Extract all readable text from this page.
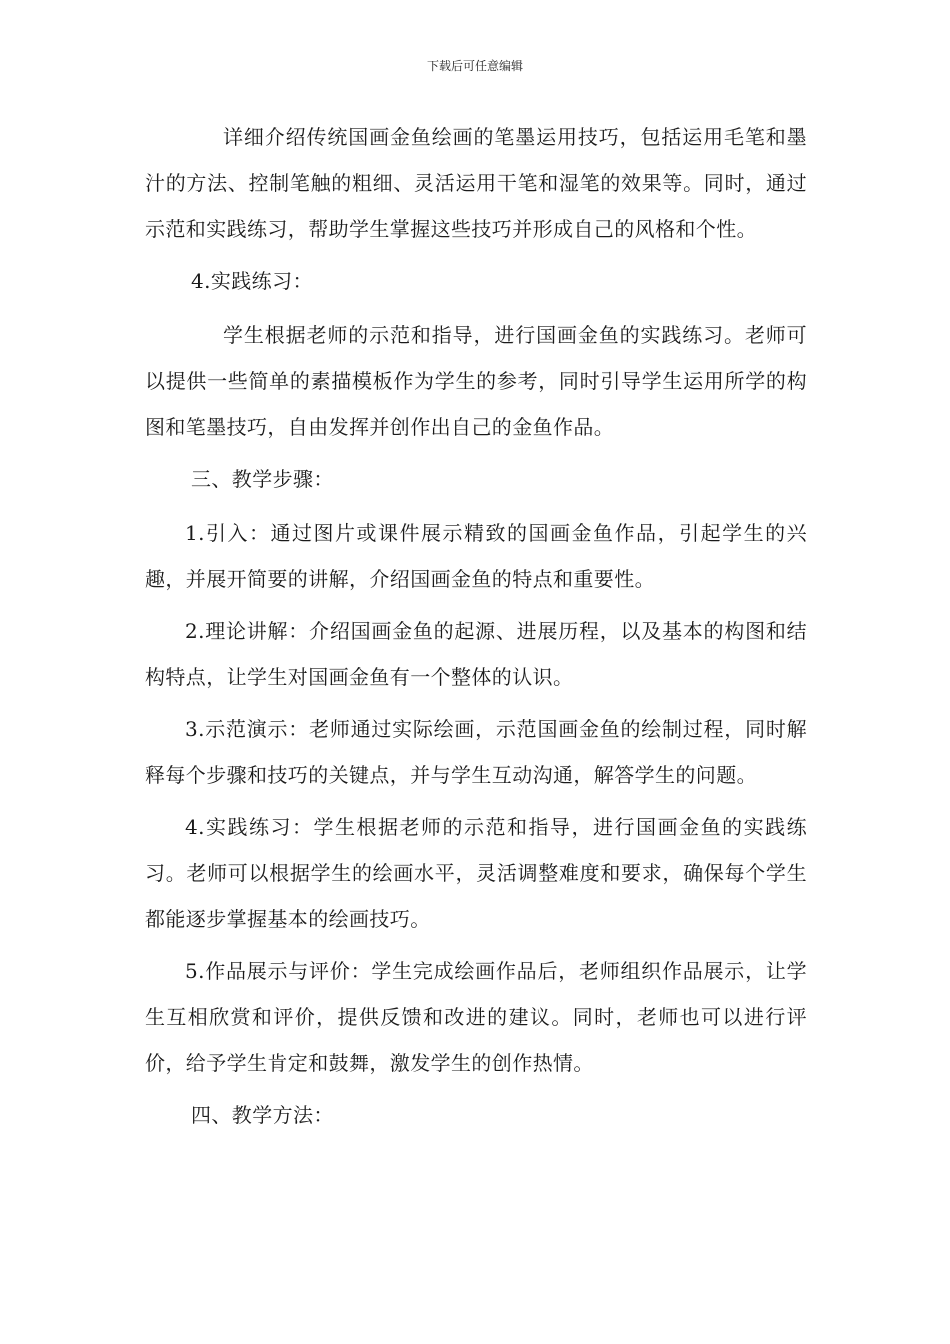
下载后可任意编辑

详细介绍传统国画金鱼绘画的笔墨运用技巧，包括运用毛笔和墨汁的方法、控制笔触的粗细、灵活运用干笔和湿笔的效果等。同时，通过示范和实践练习，帮助学生掌握这些技巧并形成自己的风格和个性。

4.实践练习：

学生根据老师的示范和指导，进行国画金鱼的实践练习。老师可以提供一些简单的素描模板作为学生的参考，同时引导学生运用所学的构图和笔墨技巧，自由发挥并创作出自己的金鱼作品。

三、教学步骤：

1.引入：通过图片或课件展示精致的国画金鱼作品，引起学生的兴趣，并展开简要的讲解，介绍国画金鱼的特点和重要性。

2.理论讲解：介绍国画金鱼的起源、进展历程，以及基本的构图和结构特点，让学生对国画金鱼有一个整体的认识。

3.示范演示：老师通过实际绘画，示范国画金鱼的绘制过程，同时解释每个步骤和技巧的关键点，并与学生互动沟通，解答学生的问题。

4.实践练习：学生根据老师的示范和指导，进行国画金鱼的实践练习。老师可以根据学生的绘画水平，灵活调整难度和要求，确保每个学生都能逐步掌握基本的绘画技巧。

5.作品展示与评价：学生完成绘画作品后，老师组织作品展示，让学生互相欣赏和评价，提供反馈和改进的建议。同时，老师也可以进行评价，给予学生肯定和鼓舞，激发学生的创作热情。

四、教学方法：
